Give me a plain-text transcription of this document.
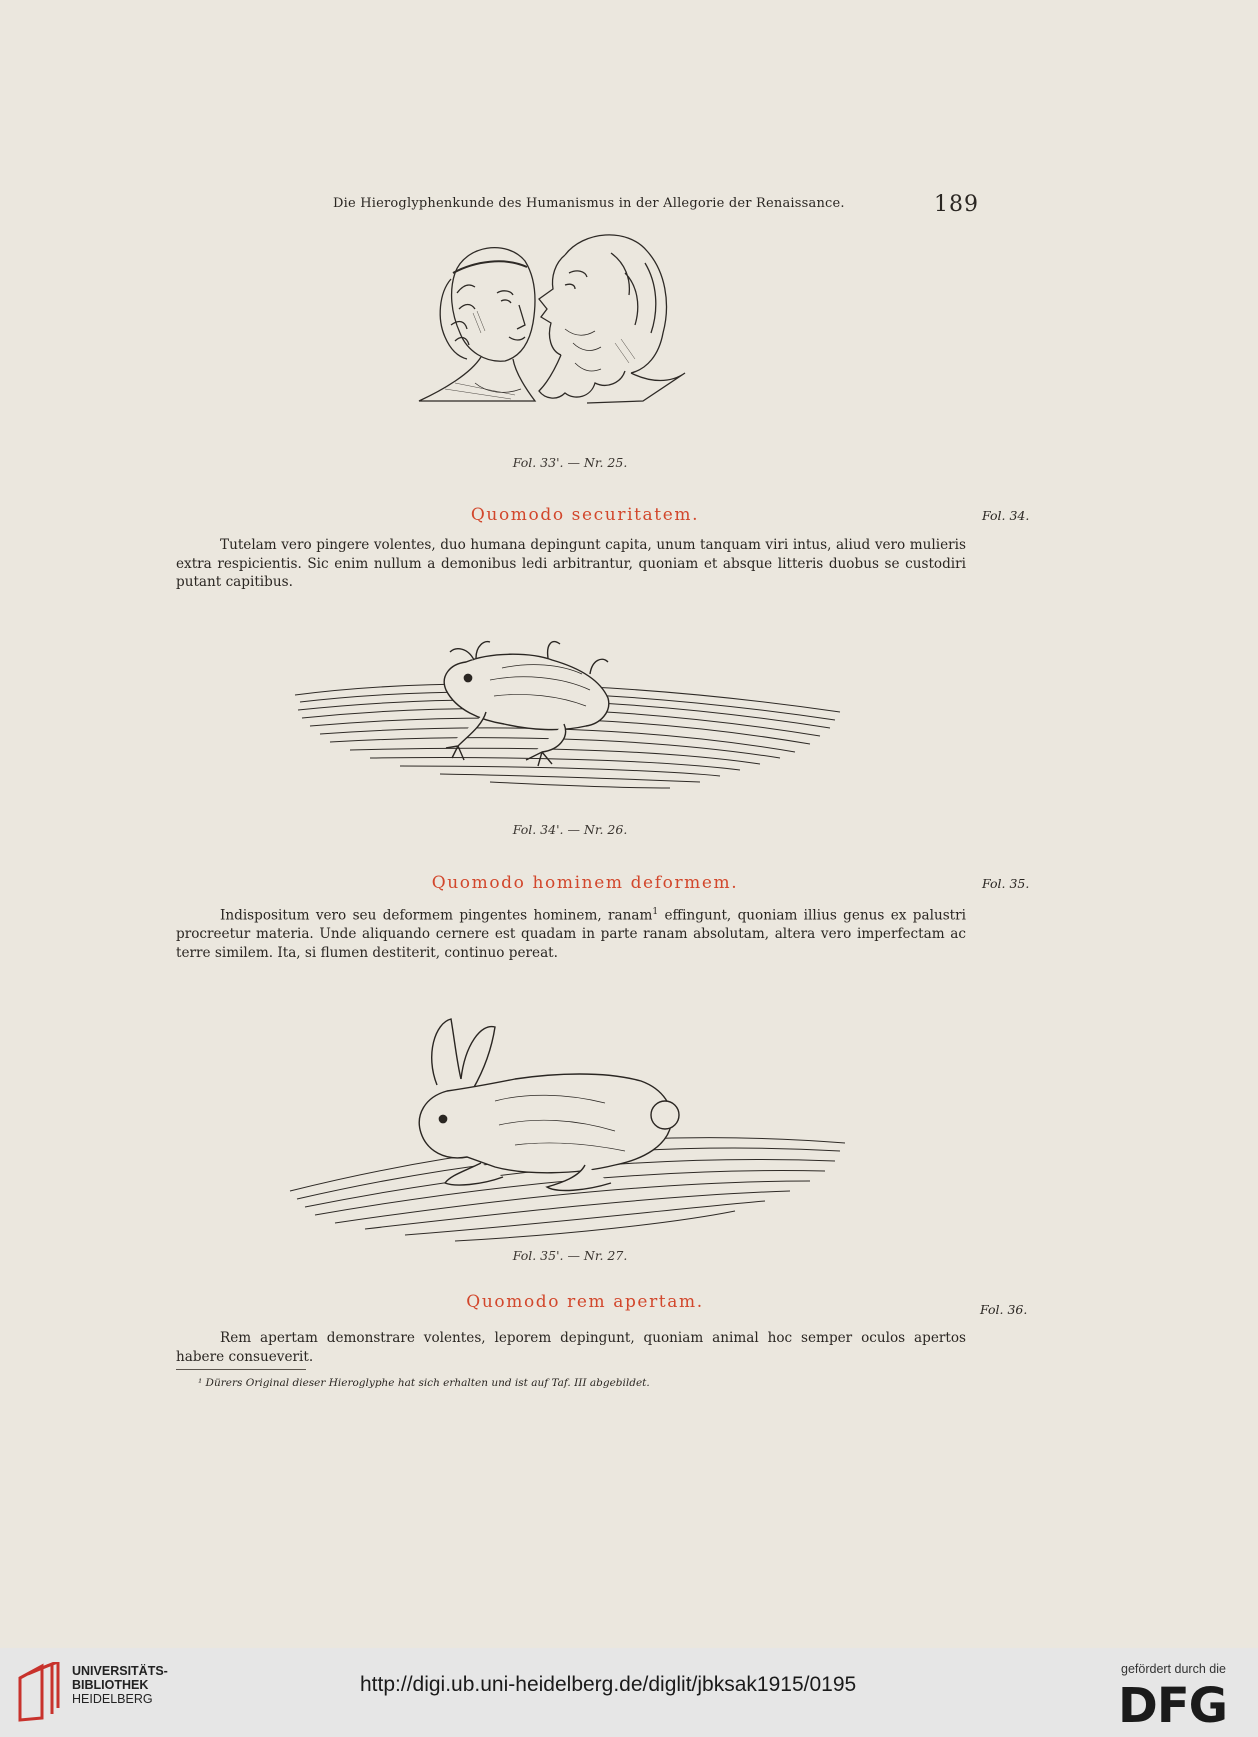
Die Hieroglyphenkunde des Humanismus in der Allegorie der Renaissance.	189
Fol. 33'. — Nr. 25.
Quomodo securitatem.	Fol. 34.

Tutelam vero pingere volentes, duo humana depingunt capita, unum tanquam viri intus, aliud vero mulieris extra respicientis. Sic enim nullum a demonibus ledi arbitrantur, quoniam et absque litteris duobus se custodiri putant capitibus.

Fol. 34'. — Nr. 26.
Quomodo hominem deformem.	Fol. 35.

Indispositum vero seu deformem pingentes hominem, ranam$^1$ effingunt, quoniam illius genus ex palustri procreetur materia. Unde aliquando cernere est quadam in parte ranam absolutam, altera vero imperfectam ac terre similem. Ita, si flumen destiterit, continuo pereat.

Fol. 35'. — Nr. 27.
Quomodo rem apertam.	Fol. 36.

Rem apertam demonstrare volentes, leporem depingunt, quoniam animal hoc semper oculos apertos habere consueverit.

¹ Dürers Original dieser Hieroglyphe hat sich erhalten und ist auf Taf. III abgebildet.
UNIVERSITÄTS-
BIBLIOTHEK
HEIDELBERG
http://digi.ub.uni-heidelberg.de/diglit/jbksak1915/0195
gefördert durch die
DFG
